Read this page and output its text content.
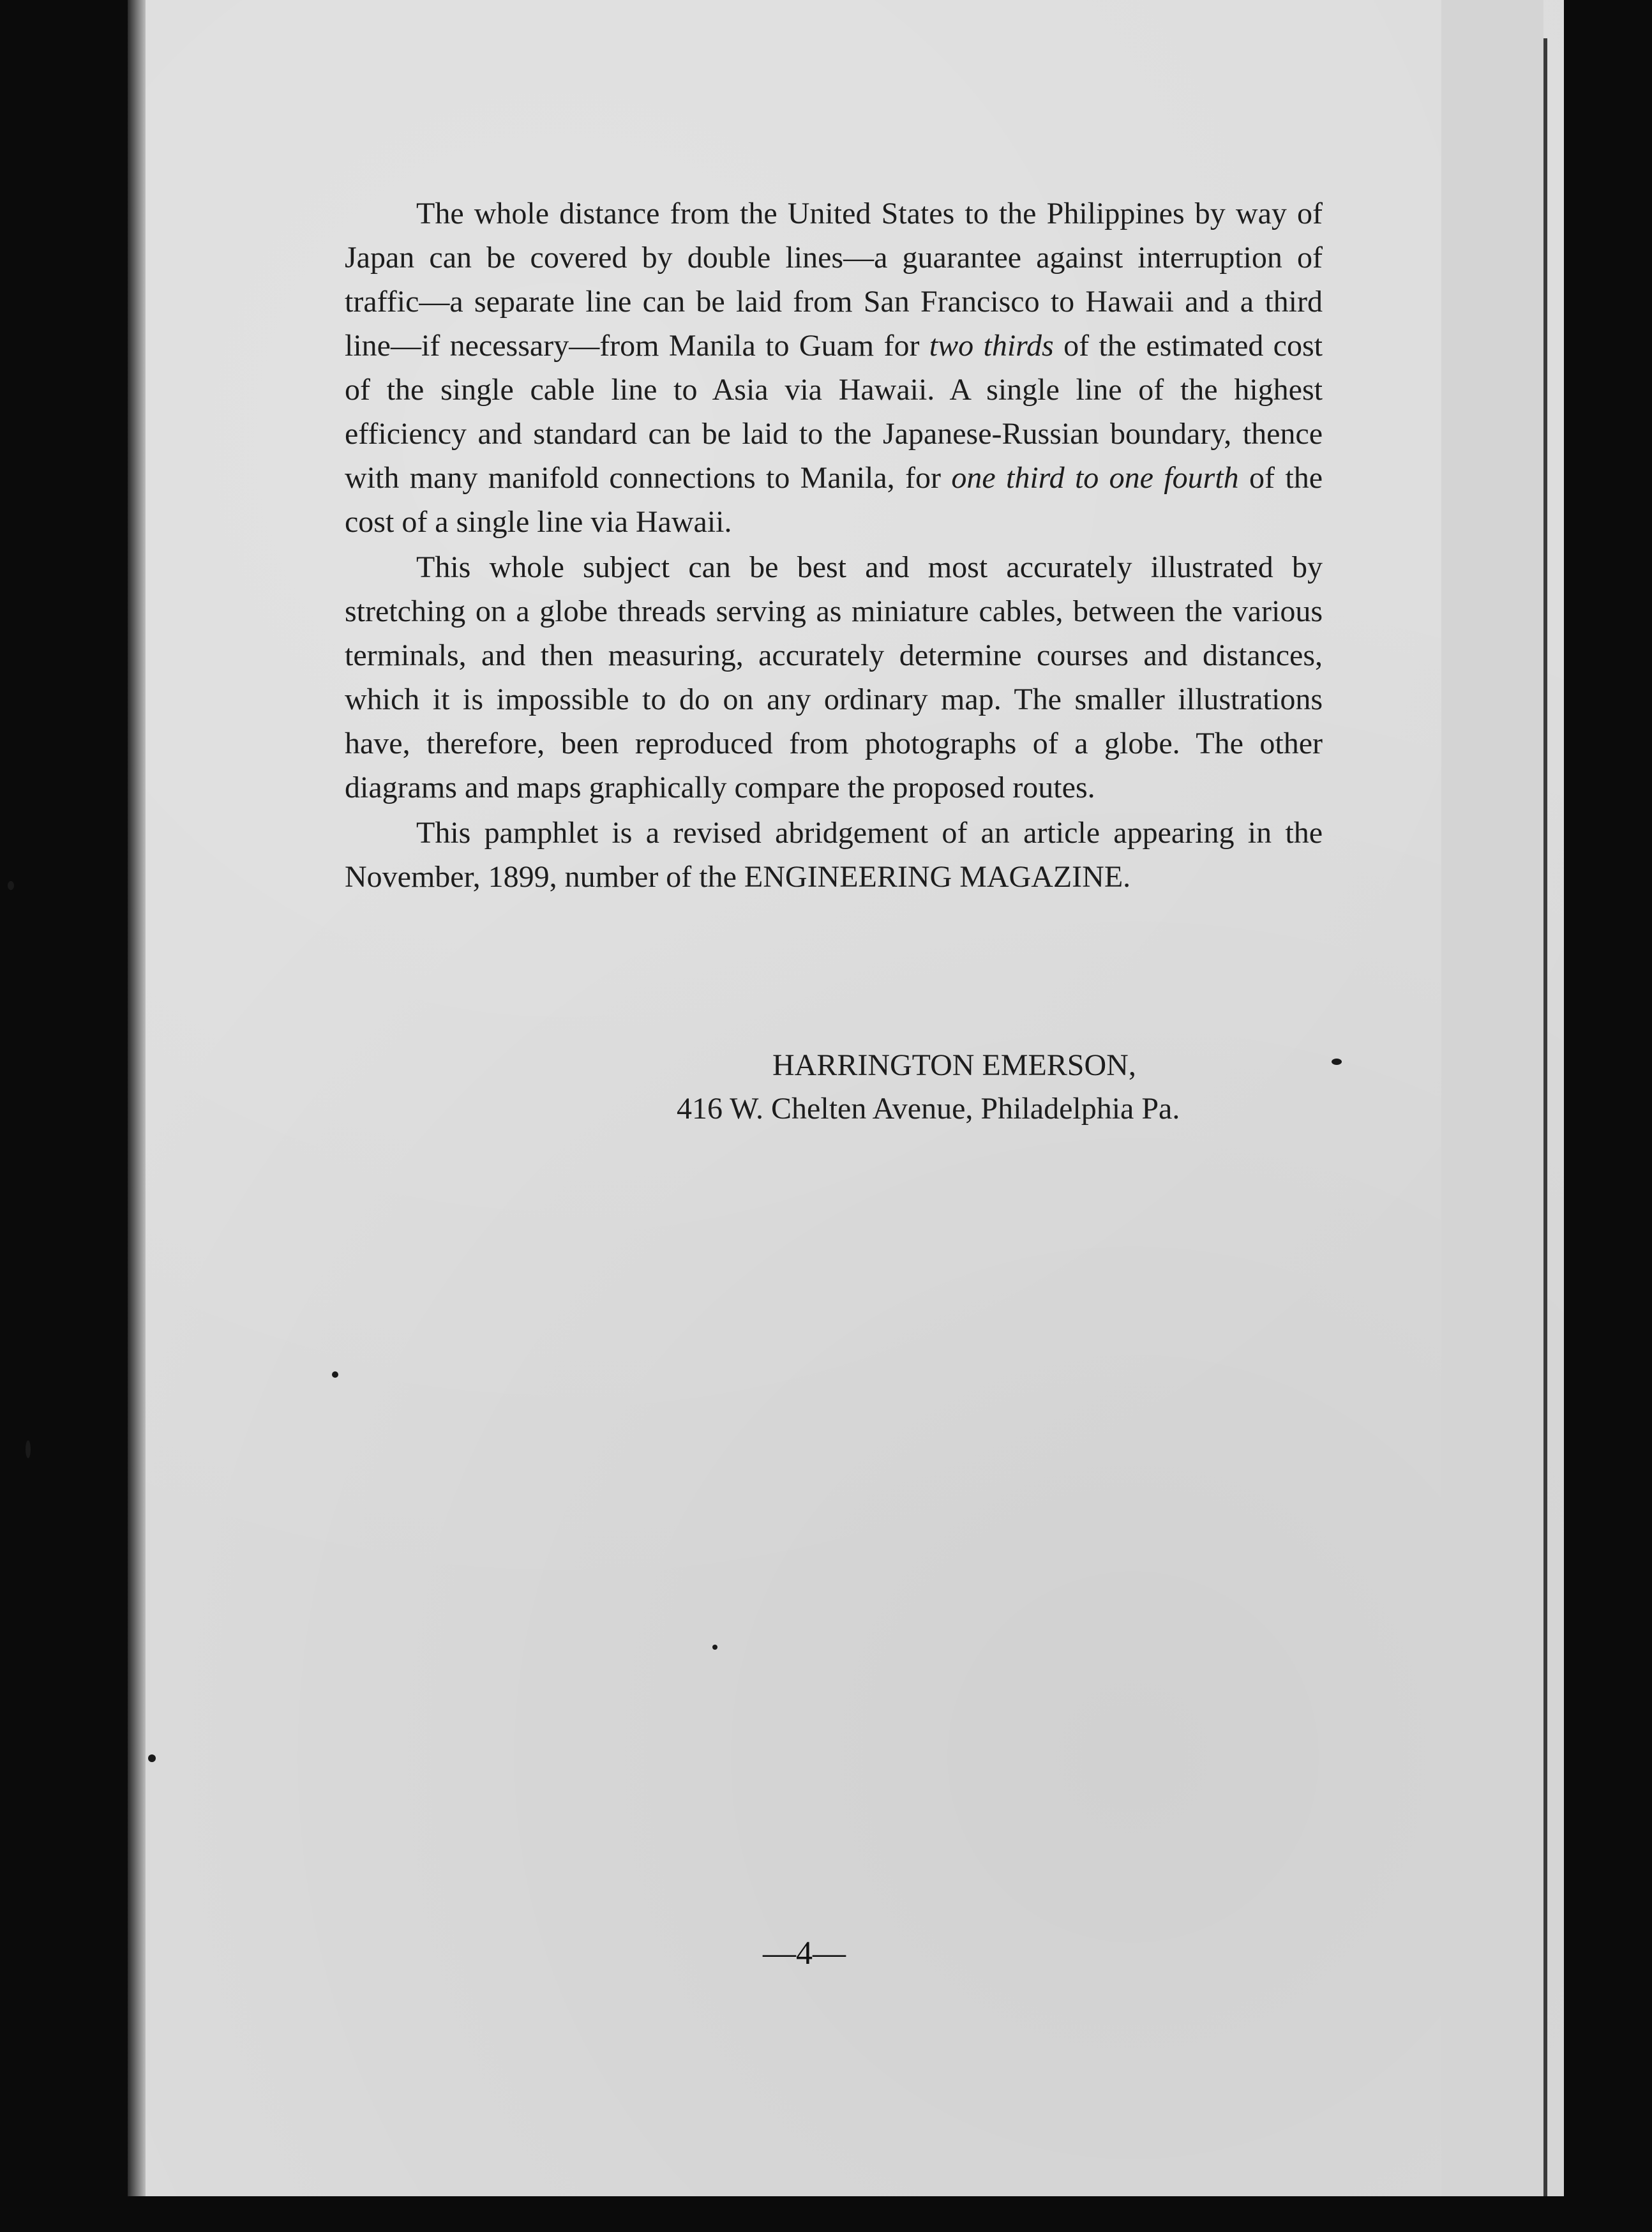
The whole distance from the United States to the Philippines by way of Japan can be covered by double lines—a guarantee against interruption of traffic—a separate line can be laid from San Francisco to Hawaii and a third line—if necessary—from Manila to Guam for two thirds of the estimated cost of the single cable line to Asia via Hawaii. A single line of the highest efficiency and standard can be laid to the Japanese-Russian boundary, thence with many manifold connections to Manila, for one third to one fourth of the cost of a single line via Hawaii.

This whole subject can be best and most accurately illustrated by stretching on a globe threads serving as miniature cables, between the various terminals, and then measuring, accurately determine courses and distances, which it is impossible to do on any ordinary map. The smaller illustrations have, therefore, been reproduced from photographs of a globe. The other diagrams and maps graphically compare the proposed routes.

This pamphlet is a revised abridgement of an article appearing in the November, 1899, number of the ENGINEERING MAGAZINE.

HARRINGTON EMERSON,
416 W. Chelten Avenue, Philadelphia Pa.
—4—
